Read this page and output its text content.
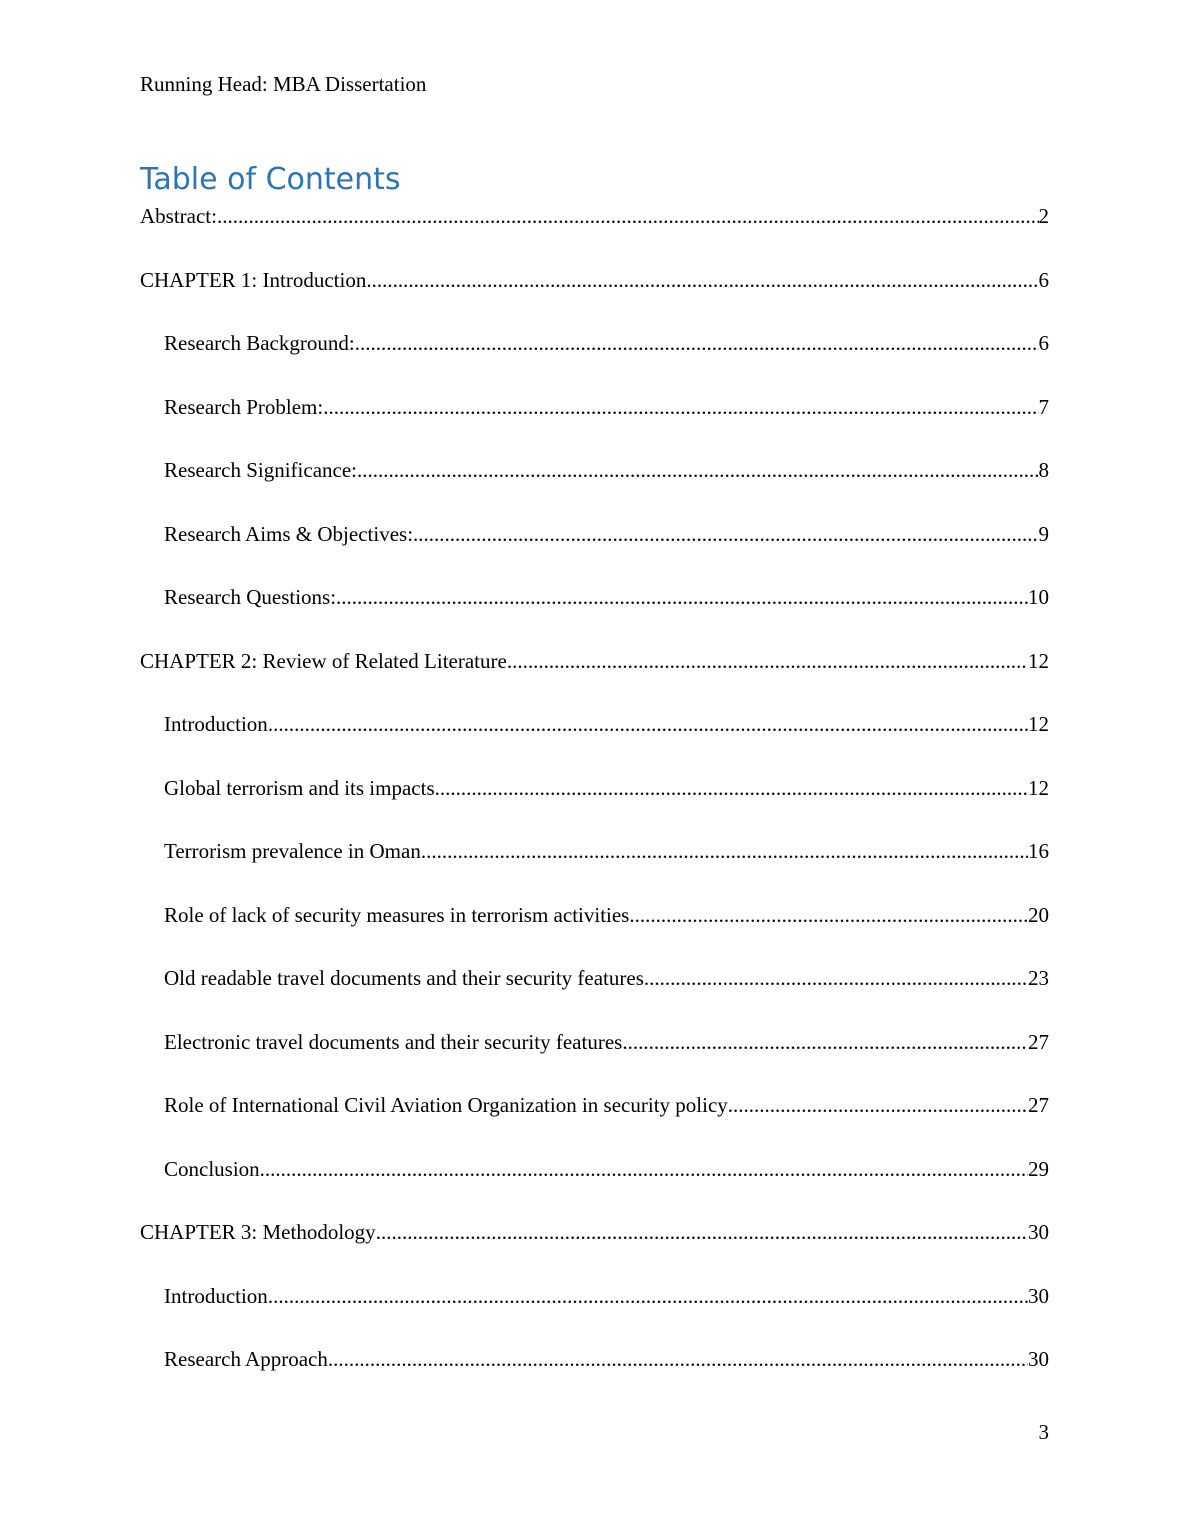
Running Head: MBA Dissertation
Table of Contents
Abstract: .....	2
CHAPTER 1: Introduction .....	6
Research Background: .....	6
Research Problem: .....	7
Research Significance: .....	8
Research Aims & Objectives: .....	9
Research Questions: .....	10
CHAPTER 2: Review of Related Literature .....	12
Introduction .....	12
Global terrorism and its impacts .....	12
Terrorism prevalence in Oman .....	16
Role of lack of security measures in terrorism activities .....	20
Old readable travel documents and their security features .....	23
Electronic travel documents and their security features .....	27
Role of International Civil Aviation Organization in security policy .....	27
Conclusion .....	29
CHAPTER 3: Methodology .....	30
Introduction .....	30
Research Approach .....	30
3
